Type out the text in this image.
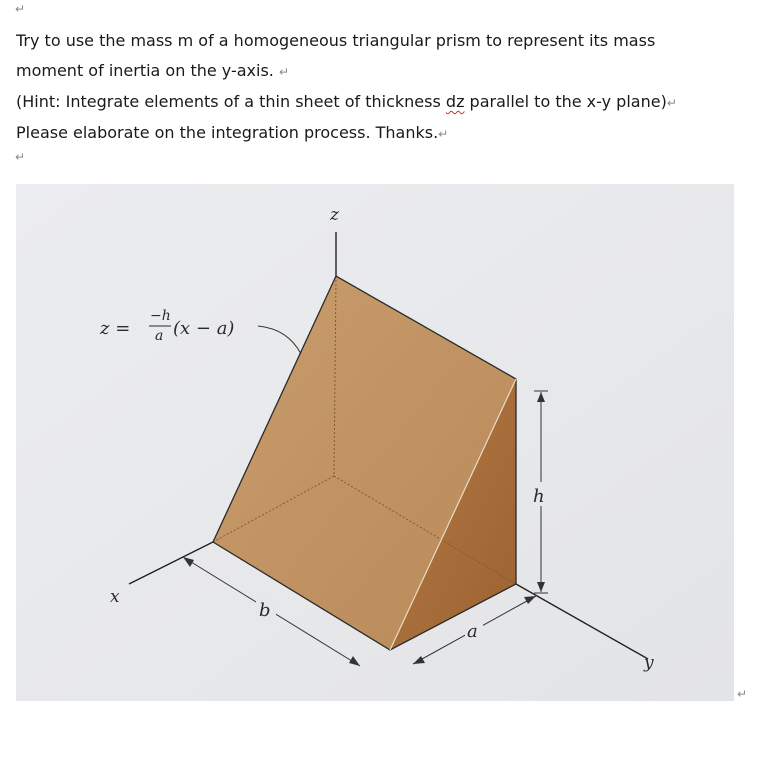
↵
Try to use the mass m of a homogeneous triangular prism to represent its mass
moment of inertia on the y-axis. ↵
(Hint: Integrate elements of a thin sheet of thickness dz parallel to the x-y plane)↵
Please elaborate on the integration process. Thanks.↵
↵
z
x
y
h
b
a
z =
−h
a (x − a)
↵
